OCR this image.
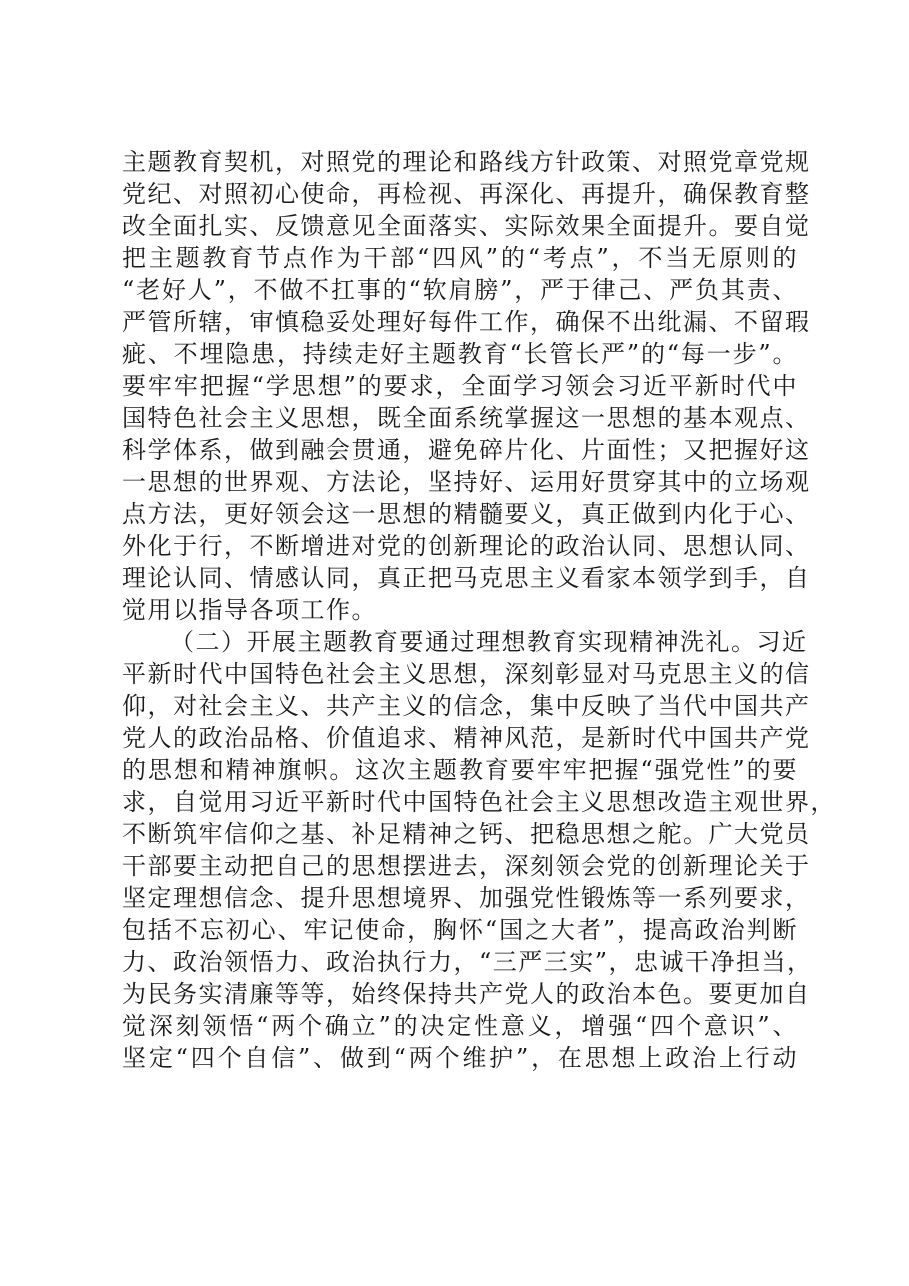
主题教育契机，对照党的理论和路线方针政策、对照党章党规
党纪、对照初心使命，再检视、再深化、再提升，确保教育整
改全面扎实、反馈意见全面落实、实际效果全面提升。要自觉
把主题教育节点作为干部“四风”的“考点”，不当无原则的
“老好人”，不做不扛事的“软肩膀”，严于律己、严负其责、
严管所辖，审慎稳妥处理好每件工作，确保不出纰漏、不留瑕
疵、不埋隐患，持续走好主题教育“长管长严”的“每一步”。
要牢牢把握“学思想”的要求，全面学习领会习近平新时代中
国特色社会主义思想，既全面系统掌握这一思想的基本观点、
科学体系，做到融会贯通，避免碎片化、片面性；又把握好这
一思想的世界观、方法论，坚持好、运用好贯穿其中的立场观
点方法，更好领会这一思想的精髓要义，真正做到内化于心、
外化于行，不断增进对党的创新理论的政治认同、思想认同、
理论认同、情感认同，真正把马克思主义看家本领学到手，自
觉用以指导各项工作。
（二）开展主题教育要通过理想教育实现精神洗礼。习近
平新时代中国特色社会主义思想，深刻彰显对马克思主义的信
仰，对社会主义、共产主义的信念，集中反映了当代中国共产
党人的政治品格、价值追求、精神风范，是新时代中国共产党
的思想和精神旗帜。这次主题教育要牢牢把握“强党性”的要
求，自觉用习近平新时代中国特色社会主义思想改造主观世界，
不断筑牢信仰之基、补足精神之钙、把稳思想之舵。广大党员
干部要主动把自己的思想摆进去，深刻领会党的创新理论关于
坚定理想信念、提升思想境界、加强党性锻炼等一系列要求，
包括不忘初心、牢记使命，胸怀“国之大者”，提高政治判断
力、政治领悟力、政治执行力，“三严三实”，忠诚干净担当，
为民务实清廉等等，始终保持共产党人的政治本色。要更加自
觉深刻领悟“两个确立”的决定性意义，增强“四个意识”、
坚定“四个自信”、做到“两个维护”，在思想上政治上行动
